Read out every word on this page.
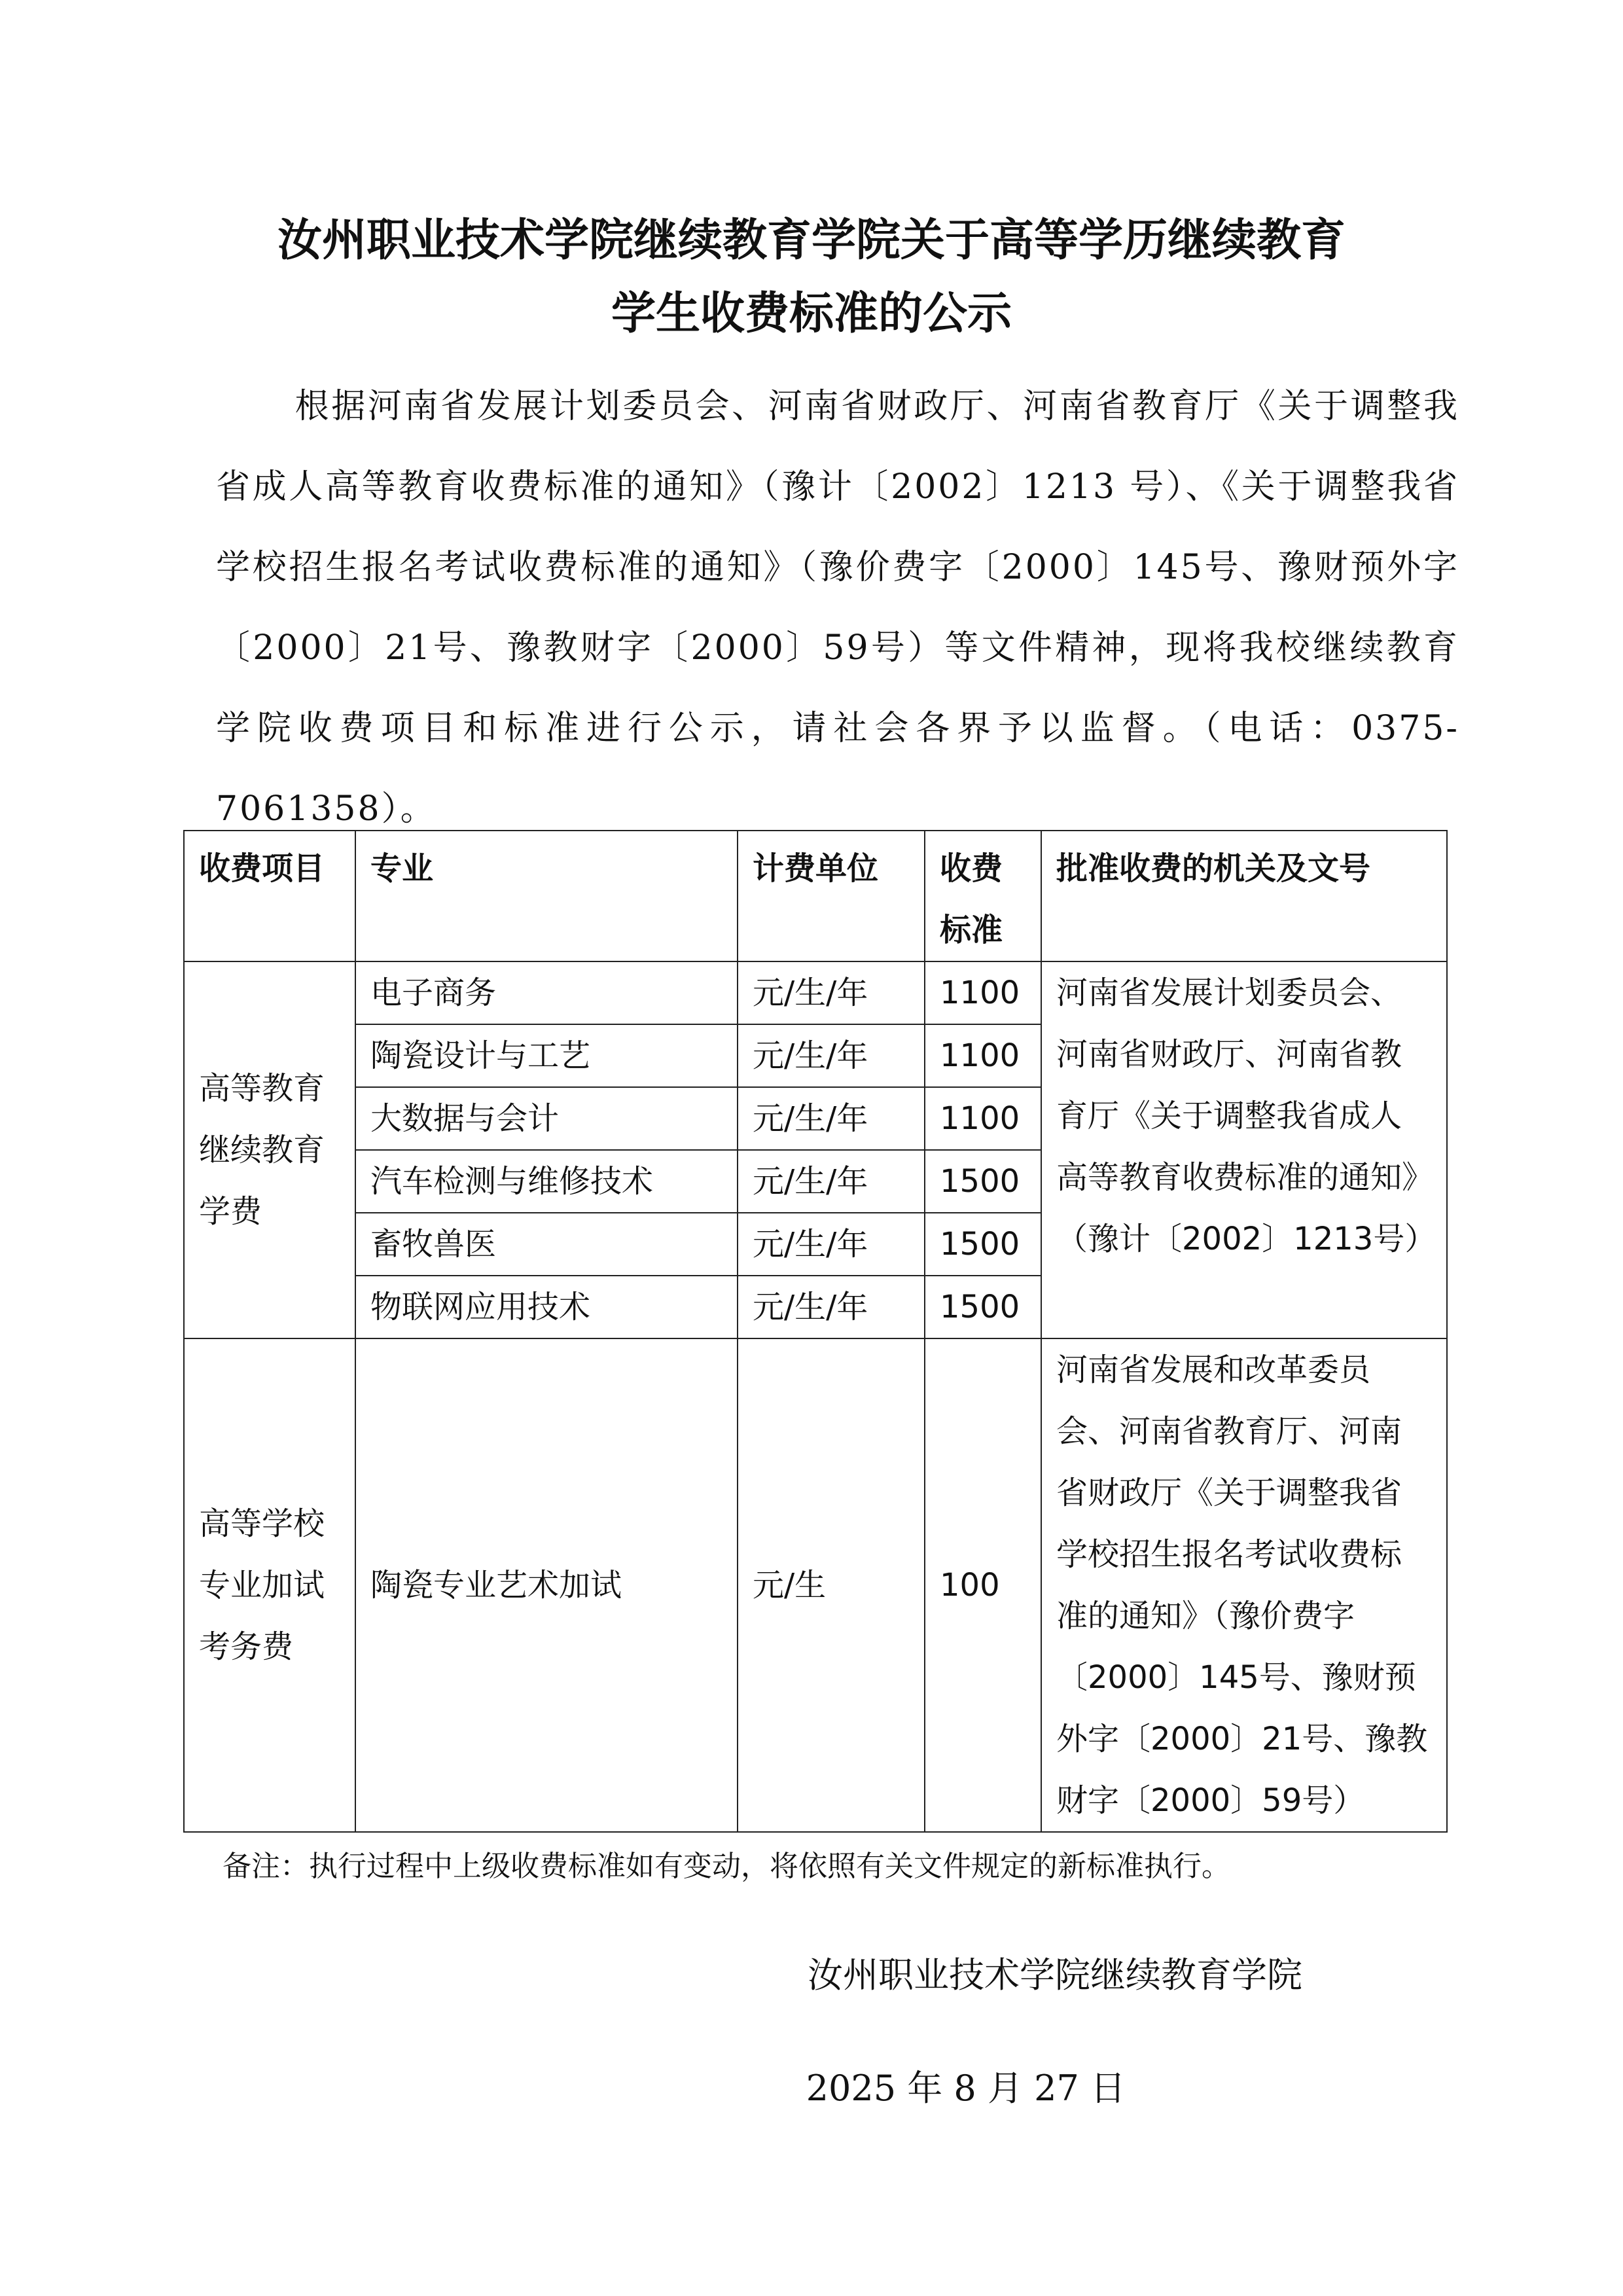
汝州职业技术学院继续教育学院关于高等学历继续教育
学生收费标准的公示
根据河南省发展计划委员会、河南省财政厅、河南省教育厅《关于调整我省成人高等教育收费标准的通知》（豫计〔2002〕1213 号）、《关于调整我省学校招生报名考试收费标准的通知》（豫价费字〔2000〕145号、豫财预外字〔2000〕21号、豫教财字〔2000〕59号）等文件精神，现将我校继续教育学院收费项目和标准进行公示，请社会各界予以监督。（电话：0375-7061358）。
收费项目	专业	计费单位	收费标准	批准收费的机关及文号
高等教育继续教育学费	电子商务	元/生/年	1100	河南省发展计划委员会、河南省财政厅、河南省教育厅《关于调整我省成人高等教育收费标准的通知》（豫计〔2002〕1213号）
	陶瓷设计与工艺	元/生/年	1100	
	大数据与会计	元/生/年	1100	
	汽车检测与维修技术	元/生/年	1500	
	畜牧兽医	元/生/年	1500	
	物联网应用技术	元/生/年	1500	
高等学校专业加试考务费	陶瓷专业艺术加试	元/生	100	河南省发展和改革委员会、河南省教育厅、河南省财政厅《关于调整我省学校招生报名考试收费标准的通知》（豫价费字〔2000〕145号、豫财预外字〔2000〕21号、豫教财字〔2000〕59号）
备注：执行过程中上级收费标准如有变动，将依照有关文件规定的新标准执行。
汝州职业技术学院继续教育学院
2025 年 8 月 27 日
